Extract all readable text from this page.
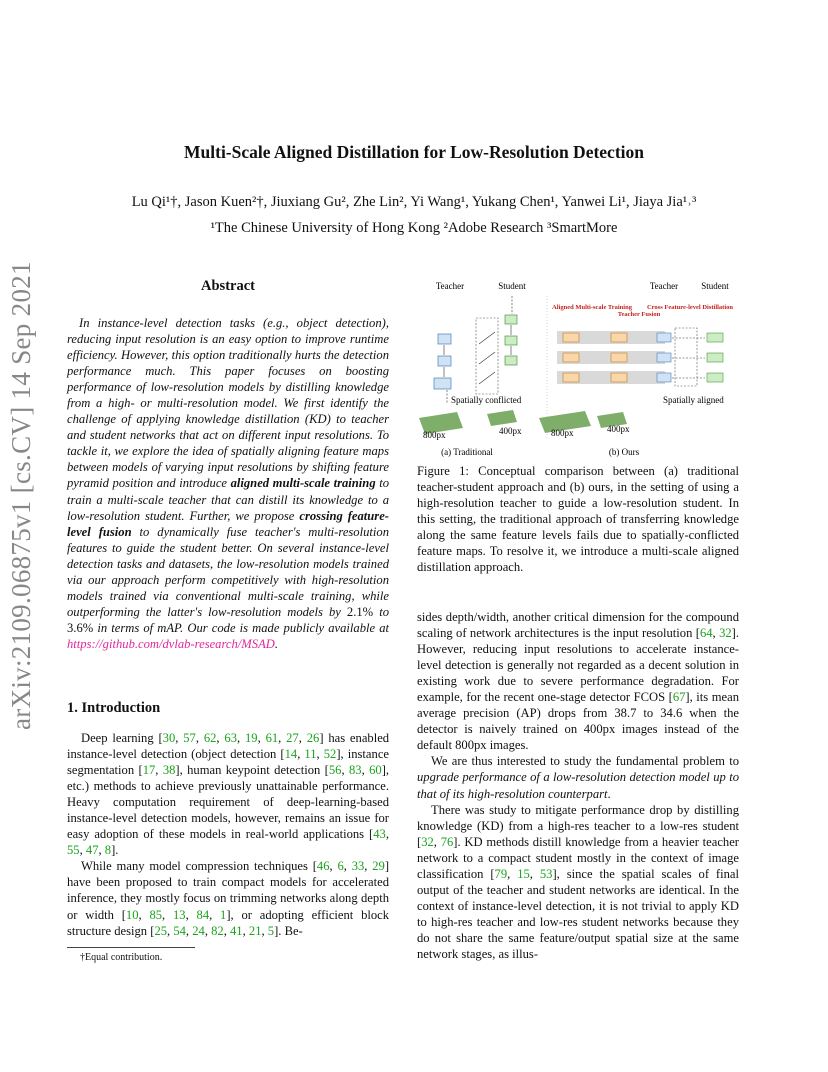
arXiv:2109.06875v1 [cs.CV] 14 Sep 2021
Multi-Scale Aligned Distillation for Low-Resolution Detection
Lu Qi¹†, Jason Kuen²†, Jiuxiang Gu², Zhe Lin², Yi Wang¹, Yukang Chen¹, Yanwei Li¹, Jiaya Jia¹˒³
¹The Chinese University of Hong Kong ²Adobe Research ³SmartMore
Abstract
In instance-level detection tasks (e.g., object detection), reducing input resolution is an easy option to improve runtime efficiency. However, this option traditionally hurts the detection performance much. This paper focuses on boosting performance of low-resolution models by distilling knowledge from a high- or multi-resolution model. We first identify the challenge of applying knowledge distillation (KD) to teacher and student networks that act on different input resolutions. To tackle it, we explore the idea of spatially aligning feature maps between models of varying input resolutions by shifting feature pyramid position and introduce aligned multi-scale training to train a multi-scale teacher that can distill its knowledge to a low-resolution student. Further, we propose crossing feature-level fusion to dynamically fuse teacher's multi-resolution features to guide the student better. On several instance-level detection tasks and datasets, the low-resolution models trained via our approach perform competitively with high-resolution models trained via conventional multi-scale training, while outperforming the latter's low-resolution models by 2.1% to 3.6% in terms of mAP. Our code is made publicly available at https://github.com/dvlab-research/MSAD.
1. Introduction

Deep learning [30, 57, 62, 63, 19, 61, 27, 26] has enabled instance-level detection (object detection [14, 11, 52], instance segmentation [17, 38], human keypoint detection [56, 83, 60], etc.) methods to achieve previously unattainable performance. Heavy computation requirement of deep-learning-based instance-level detection models, however, remains an issue for easy adoption of these models in real-world applications [43, 55, 47, 8].

While many model compression techniques [46, 6, 33, 29] have been proposed to train compact models for accelerated inference, they mostly focus on trimming networks along depth or width [10, 85, 13, 84, 1], or adopting efficient block structure design [25, 54, 24, 82, 41, 21, 5]. Be-

†Equal contribution.
Teacher	Student	Teacher	Student
Spatially conflicted
800px	400px
(a) Traditional
Aligned Multi-scale Training
Teacher Fusion
Cross Feature-level Distillation
Spatially aligned
800px	400px
(b) Ours
Figure 1: Conceptual comparison between (a) traditional teacher-student approach and (b) ours, in the setting of using a high-resolution teacher to guide a low-resolution student. In this setting, the traditional approach of transferring knowledge along the same feature levels fails due to spatially-conflicted feature maps. To resolve it, we introduce a multi-scale aligned distillation approach.

sides depth/width, another critical dimension for the compound scaling of network architectures is the input resolution [64, 32]. However, reducing input resolutions to accelerate instance-level detection is generally not regarded as a decent solution in existing work due to severe performance degradation. For example, for the recent one-stage detector FCOS [67], its mean average precision (AP) drops from 38.7 to 34.6 when the detector is naively trained on 400px images instead of the default 800px images.

We are thus interested to study the fundamental problem to upgrade performance of a low-resolution detection model up to that of its high-resolution counterpart.

There was study to mitigate performance drop by distilling knowledge (KD) from a high-res teacher to a low-res student [32, 76]. KD methods distill knowledge from a heavier teacher network to a compact student mostly in the context of image classification [79, 15, 53], since the spatial scales of final output of the teacher and student networks are identical. In the context of instance-level detection, it is not trivial to apply KD to high-res teacher and low-res student networks because they do not share the same feature/output spatial size at the same network stages, as illus-
